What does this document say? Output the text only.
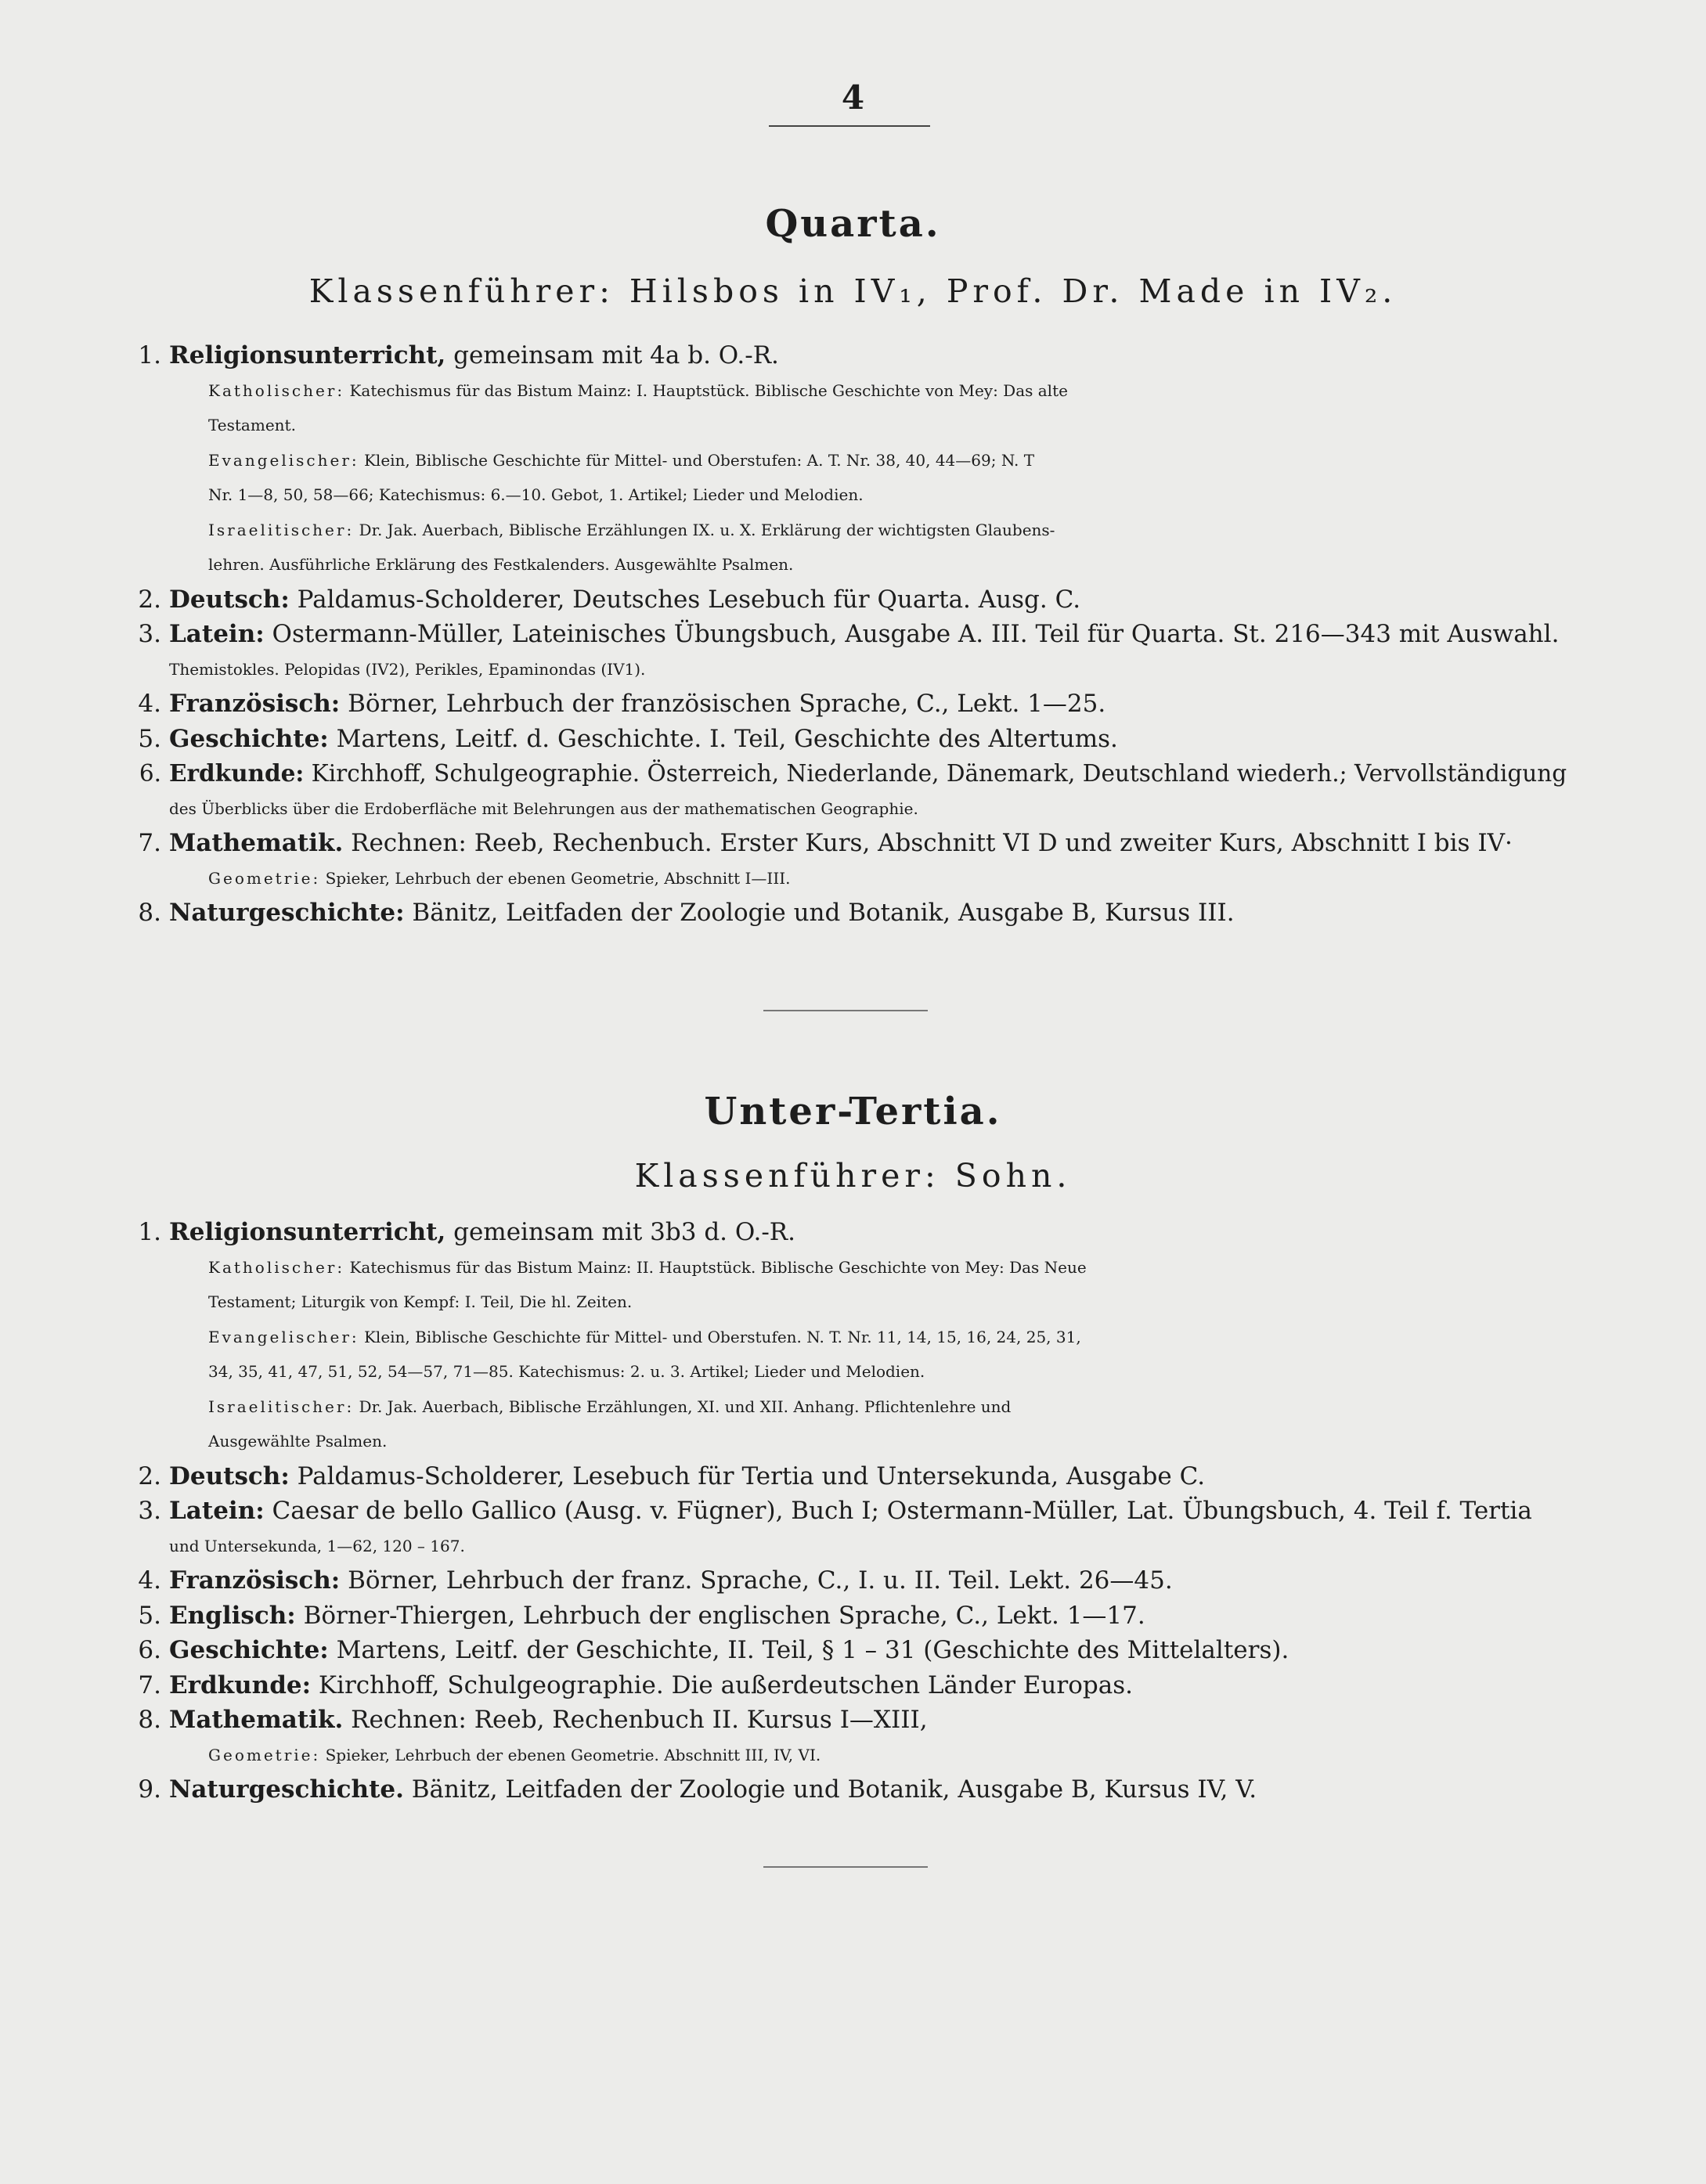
4
Quarta.
Klassenführer: Hilsbos in IV₁, Prof. Dr. Made in IV₂.
1. Religionsunterricht, gemeinsam mit 4a b. O.-R.
Katholischer: Katechismus für das Bistum Mainz: I. Hauptstück. Biblische Geschichte von Mey: Das alte
Testament.
Evangelischer: Klein, Biblische Geschichte für Mittel- und Oberstufen: A. T. Nr. 38, 40, 44—69; N. T
Nr. 1—8, 50, 58—66; Katechismus: 6.—10. Gebot, 1. Artikel; Lieder und Melodien.
Israelitischer: Dr. Jak. Auerbach, Biblische Erzählungen IX. u. X. Erklärung der wichtigsten Glaubens-
lehren. Ausführliche Erklärung des Festkalenders. Ausgewählte Psalmen.
2. Deutsch: Paldamus-Scholderer, Deutsches Lesebuch für Quarta. Ausg. C.
3. Latein: Ostermann-Müller, Lateinisches Übungsbuch, Ausgabe A. III. Teil für Quarta. St. 216—343 mit Auswahl.
Themistokles. Pelopidas (IV2), Perikles, Epaminondas (IV1).
4. Französisch: Börner, Lehrbuch der französischen Sprache, C., Lekt. 1—25.
5. Geschichte: Martens, Leitf. d. Geschichte. I. Teil, Geschichte des Altertums.
6. Erdkunde: Kirchhoff, Schulgeographie. Österreich, Niederlande, Dänemark, Deutschland wiederh.; Vervollständigung
des Überblicks über die Erdoberfläche mit Belehrungen aus der mathematischen Geographie.
7. Mathematik. Rechnen: Reeb, Rechenbuch. Erster Kurs, Abschnitt VI D und zweiter Kurs, Abschnitt I bis IV·
Geometrie: Spieker, Lehrbuch der ebenen Geometrie, Abschnitt I—III.
8. Naturgeschichte: Bänitz, Leitfaden der Zoologie und Botanik, Ausgabe B, Kursus III.
Unter-Tertia.
Klassenführer: Sohn.
1. Religionsunterricht, gemeinsam mit 3b3 d. O.-R.
Katholischer: Katechismus für das Bistum Mainz: II. Hauptstück. Biblische Geschichte von Mey: Das Neue
Testament; Liturgik von Kempf: I. Teil, Die hl. Zeiten.
Evangelischer: Klein, Biblische Geschichte für Mittel- und Oberstufen. N. T. Nr. 11, 14, 15, 16, 24, 25, 31,
34, 35, 41, 47, 51, 52, 54—57, 71—85. Katechismus: 2. u. 3. Artikel; Lieder und Melodien.
Israelitischer: Dr. Jak. Auerbach, Biblische Erzählungen, XI. und XII. Anhang. Pflichtenlehre und
Ausgewählte Psalmen.
2. Deutsch: Paldamus-Scholderer, Lesebuch für Tertia und Untersekunda, Ausgabe C.
3. Latein: Caesar de bello Gallico (Ausg. v. Fügner), Buch I; Ostermann-Müller, Lat. Übungsbuch, 4. Teil f. Tertia
und Untersekunda, 1—62, 120 – 167.
4. Französisch: Börner, Lehrbuch der franz. Sprache, C., I. u. II. Teil. Lekt. 26—45.
5. Englisch: Börner-Thiergen, Lehrbuch der englischen Sprache, C., Lekt. 1—17.
6. Geschichte: Martens, Leitf. der Geschichte, II. Teil, § 1 – 31 (Geschichte des Mittelalters).
7. Erdkunde: Kirchhoff, Schulgeographie. Die außerdeutschen Länder Europas.
8. Mathematik. Rechnen: Reeb, Rechenbuch II. Kursus I—XIII,
Geometrie: Spieker, Lehrbuch der ebenen Geometrie. Abschnitt III, IV, VI.
9. Naturgeschichte. Bänitz, Leitfaden der Zoologie und Botanik, Ausgabe B, Kursus IV, V.
